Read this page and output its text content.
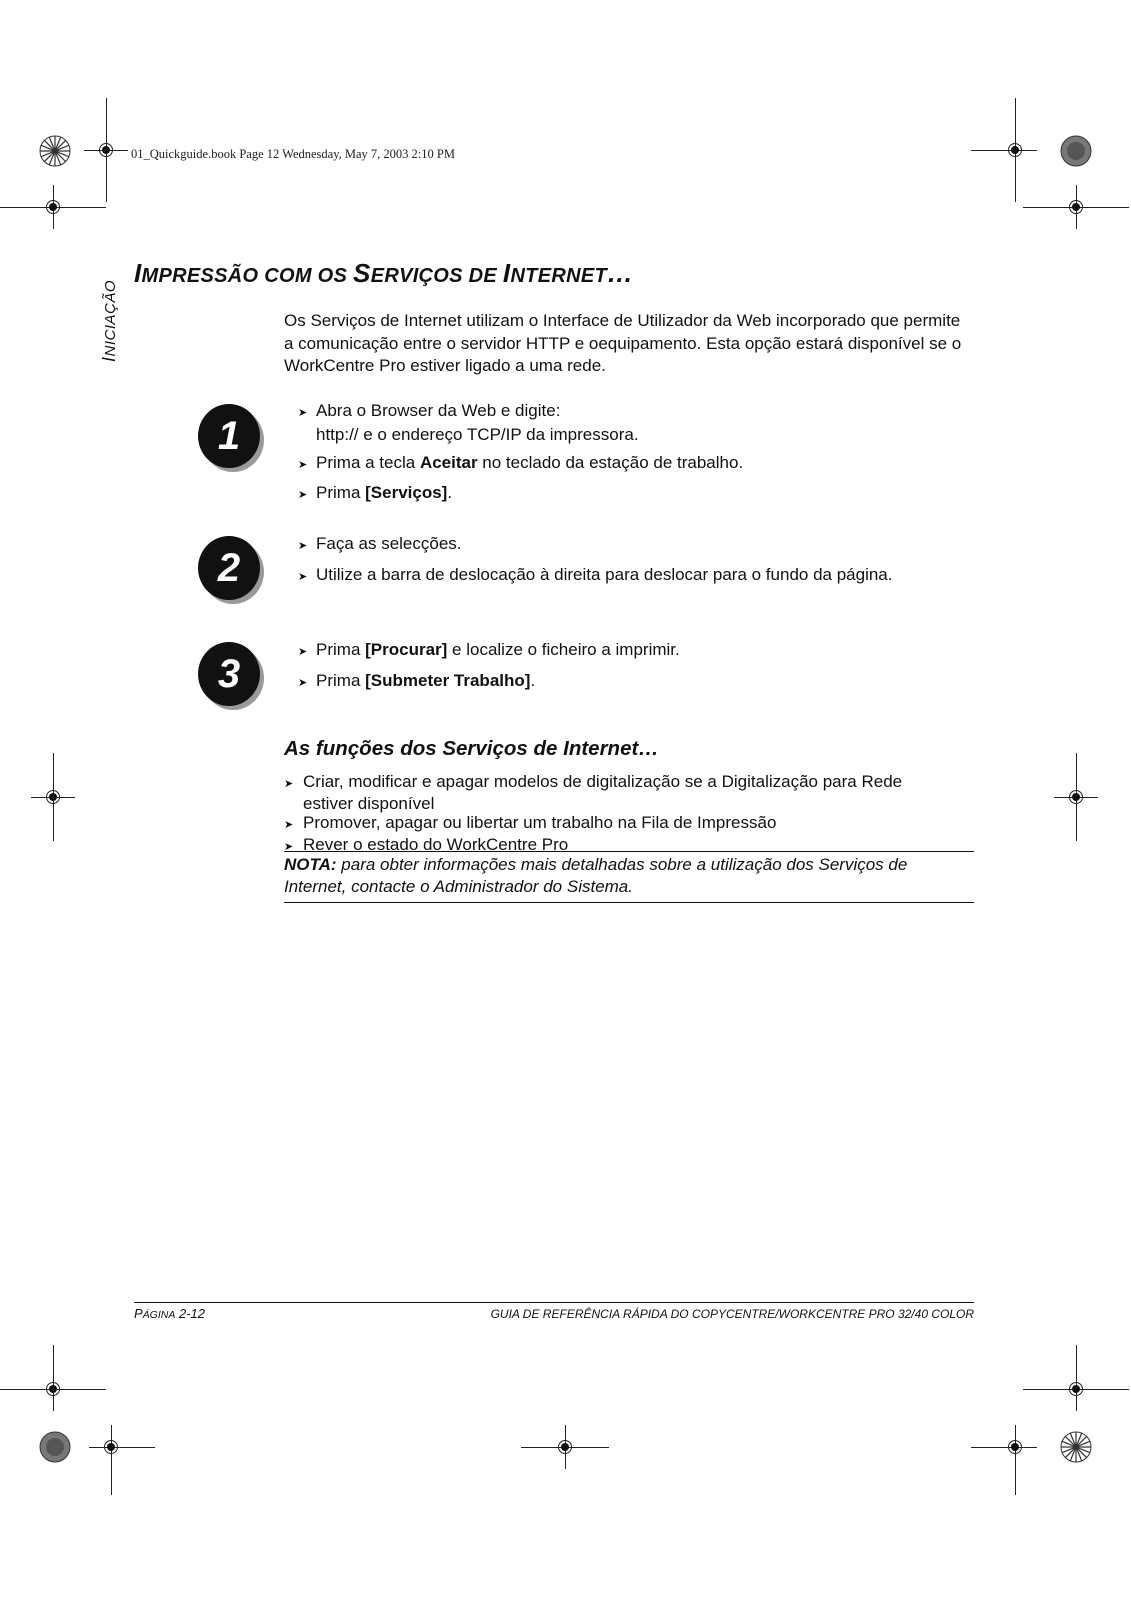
01_Quickguide.book Page 12 Wednesday, May 7, 2003 2:10 PM
INICIAÇÃO
IMPRESSÃO COM OS SERVIÇOS DE INTERNET…
Os Serviços de Internet utilizam o Interface de Utilizador da Web incorporado que permite a comunicação entre o servidor HTTP e oequipamento. Esta opção estará disponível se o WorkCentre Pro estiver ligado a uma rede.
1
➤ Abra o Browser da Web e digite:
http:// e o endereço TCP/IP da impressora.
➤ Prima a tecla Aceitar no teclado da estação de trabalho.
➤ Prima [Serviços].
2	➤ Faça as selecções.
➤ Utilize a barra de deslocação à direita para deslocar para o fundo da página.
3	➤ Prima [Procurar] e localize o ficheiro a imprimir.
➤ Prima [Submeter Trabalho].
As funções dos Serviços de Internet…
➤ Criar, modificar e apagar modelos de digitalização se a Digitalização para Rede
estiver disponível
➤ Promover, apagar ou libertar um trabalho na Fila de Impressão
➤ Rever o estado do WorkCentre Pro
NOTA: para obter informações mais detalhadas sobre a utilização dos Serviços de Internet, contacte o Administrador do Sistema.
PÁGINA 2-12	GUIA DE REFERÊNCIA RÁPIDA DO COPYCENTRE/WORKCENTRE PRO 32/40 COLOR
